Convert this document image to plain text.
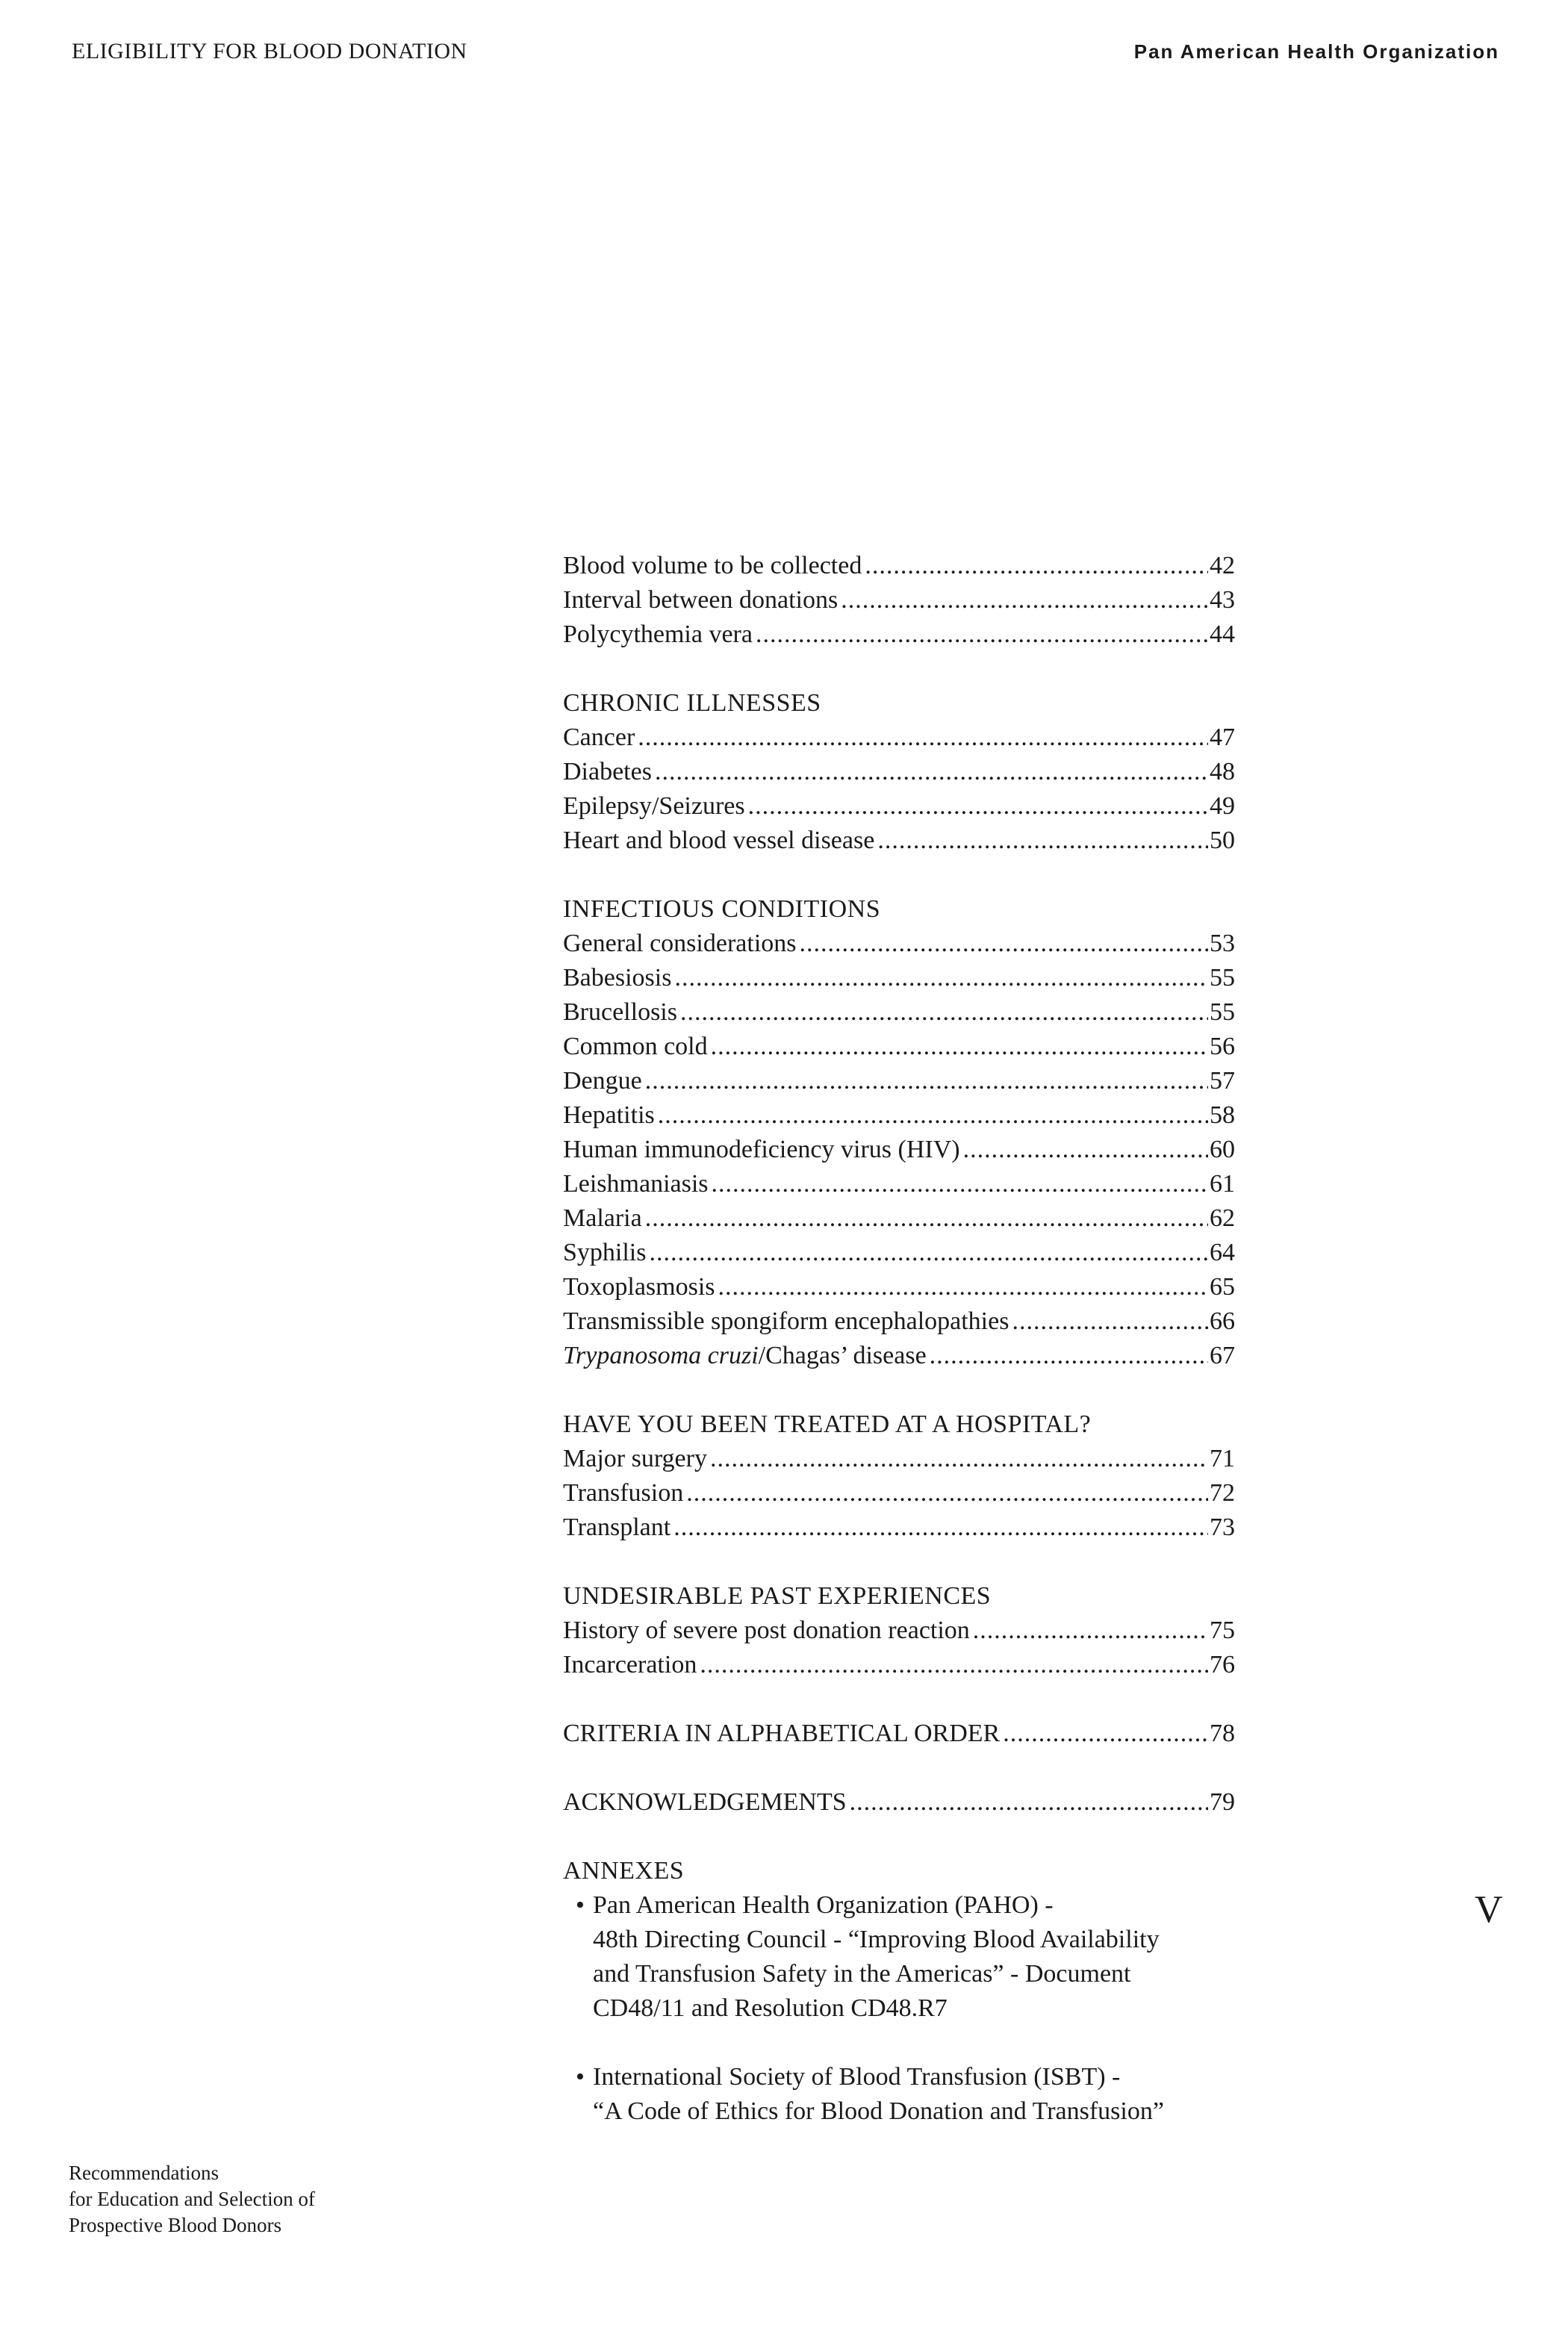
ELIGIBILITY FOR BLOOD DONATION	Pan American Health Organization
Blood volume to be collected .....	42
Interval between donations .....	43
Polycythemia vera .....	44
CHRONIC ILLNESSES
Cancer .....	47
Diabetes .....	48
Epilepsy/Seizures .....	49
Heart and blood vessel disease .....	50
INFECTIOUS CONDITIONS
General considerations .....	53
Babesiosis .....	55
Brucellosis .....	55
Common cold .....	56
Dengue .....	57
Hepatitis .....	58
Human immunodeficiency virus (HIV) .....	60
Leishmaniasis .....	61
Malaria .....	62
Syphilis .....	64
Toxoplasmosis .....	65
Transmissible spongiform encephalopathies .....	66
Trypanosoma cruzi/Chagas’ disease .....	67
HAVE YOU BEEN TREATED AT A HOSPITAL?
Major surgery .....	71
Transfusion .....	72
Transplant .....	73
UNDESIRABLE PAST EXPERIENCES
History of severe post donation reaction .....	75
Incarceration .....	76
CRITERIA IN ALPHABETICAL ORDER .....	78
ACKNOWLEDGEMENTS .....	79
ANNEXES
• Pan American Health Organization (PAHO) -
48th Directing Council - “Improving Blood Availability
and Transfusion Safety in the Americas” - Document
CD48/11 and Resolution CD48.R7
• International Society of Blood Transfusion (ISBT) -
“A Code of Ethics for Blood Donation and Transfusion”
V
Recommendations
for Education and Selection of
Prospective Blood Donors
